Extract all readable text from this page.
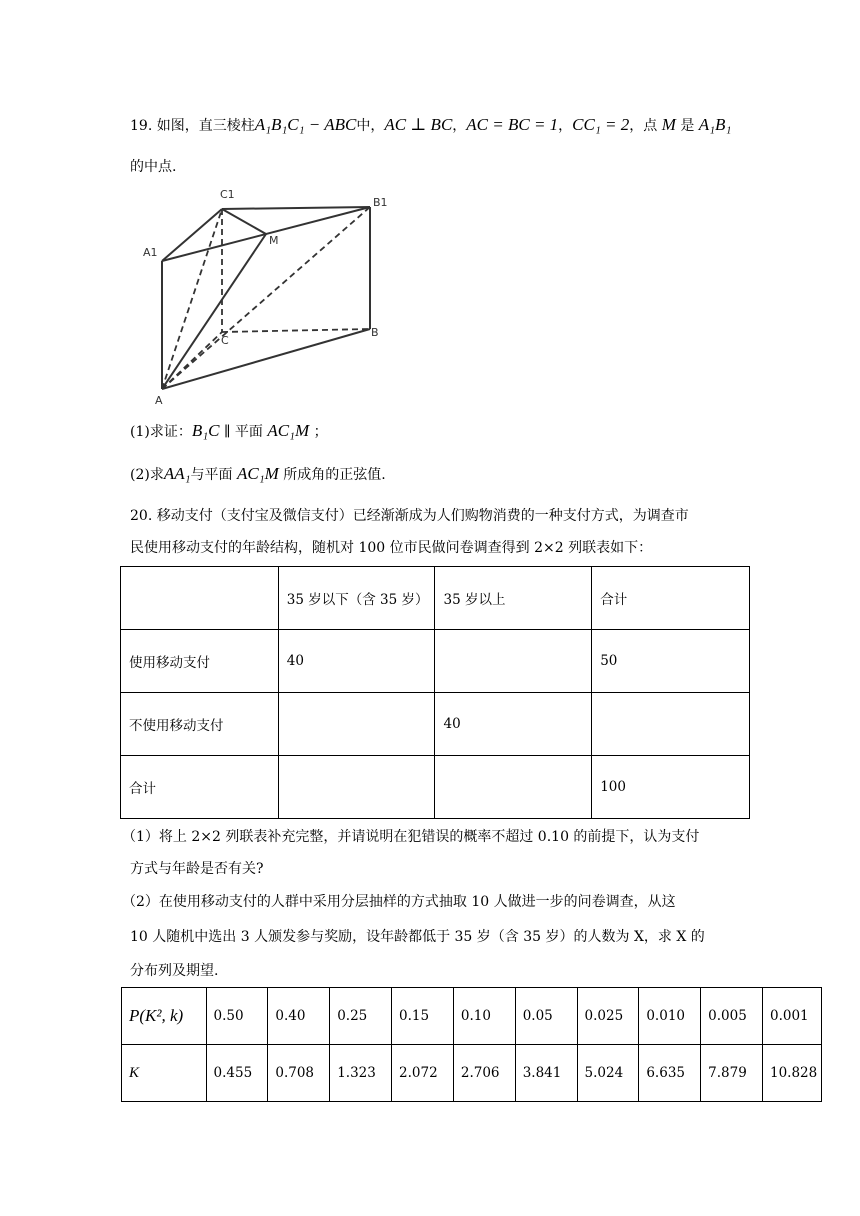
19. 如图，直三棱柱A₁B₁C₁ − ABC中，AC ⊥ BC，AC = BC = 1，CC₁ = 2，点 M 是 A₁B₁
的中点.
C1
B1
A1
M
C
B
A
(1)求证：B₁C ∥ 平面 AC₁M ；
(2)求AA₁与平面 AC₁M 所成角的正弦值.
20. 移动支付（支付宝及微信支付）已经渐渐成为人们购物消费的一种支付方式，为调查市
民使用移动支付的年龄结构，随机对 100 位市民做问卷调查得到 2×2 列联表如下：
	35 岁以下（含 35 岁）	35 岁以上	合计
使用移动支付	40		50
不使用移动支付		40	
合计			100
（1）将上 2×2 列联表补充完整，并请说明在犯错误的概率不超过 0.10 的前提下，认为支付
方式与年龄是否有关?
（2）在使用移动支付的人群中采用分层抽样的方式抽取 10 人做进一步的问卷调查，从这
10 人随机中选出 3 人颁发参与奖励，设年龄都低于 35 岁（含 35 岁）的人数为 X，求 X 的
分布列及期望.
P(K², k)	0.50	0.40	0.25	0.15	0.10	0.05	0.025	0.010	0.005	0.001
K	0.455	0.708	1.323	2.072	2.706	3.841	5.024	6.635	7.879	10.828
